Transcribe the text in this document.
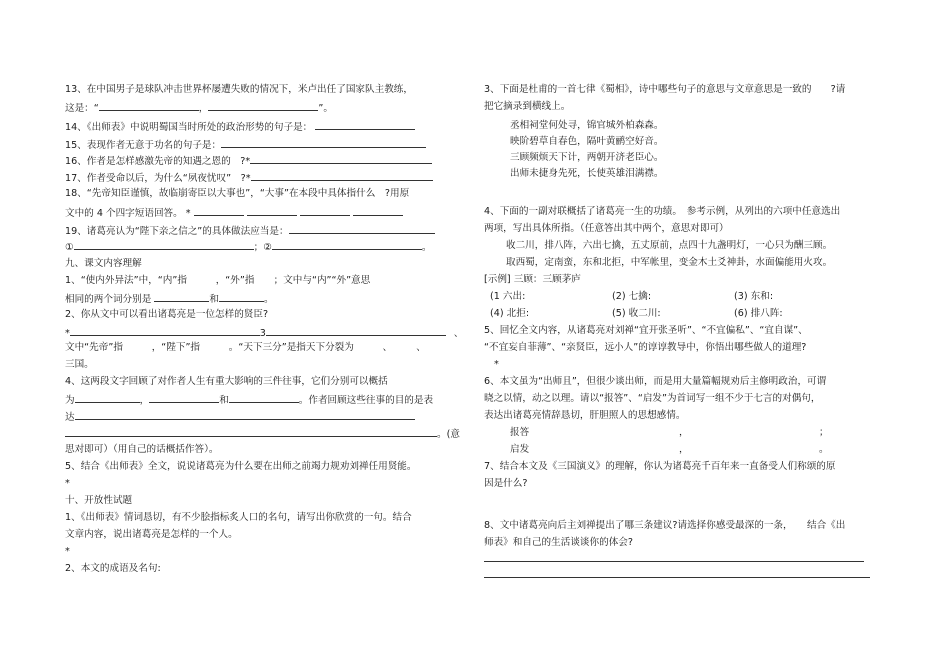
13、在中国男子是球队冲击世界杯屡遭失败的情况下，米卢出任了国家队主教练，
这是：“	，	”。
14、《出师表》中说明蜀国当时所处的政治形势的句子是：
15、表现作者无意于功名的句子是：
16、作者是怎样感激先帝的知遇之恩的　?*
17、作者受命以后，为什么“夙夜忧叹”　?*
18、“先帝知臣谨慎，故临崩寄臣以大事也”，“大事”在本段中具体指什么　?用原
文中的 4 个四字短语回答。 *
19、诸葛亮认为“陛下亲之信之”的具体做法应当是：
①	；②	。
九、课文内容理解
1、“使内外异法”中，“内”指　　　，“外”指　　；文中与“内”“外”意思
相同的两个词分别是	和	。
2、你从文中可以看出诸葛亮是一位怎样的贤臣?
*	3	、
文中“先帝”指　　　，“陛下”指　　　。“天下三分”是指天下分裂为　　　、　　　、
三国。
4、这两段文字回顾了对作者人生有重大影响的三件往事，它们分别可以概括
为	，	和	。作者回顾这些往事的目的是表
达
。(意
思对即可）（用自己的话概括作答）。
5、结合《出师表》全文，说说诸葛亮为什么要在出师之前竭力规劝刘禅任用贤能。
*
十、开放性试题
1、《出师表》情词恳切，有不少脍指标炙人口的名句，请写出你欣赏的一句。结合
文章内容，说出诸葛亮是怎样的一个人。
*
2、本文的成语及名句:
3、下面是杜甫的一首七律《蜀相》，诗中哪些句子的意思与文章意思是一致的　　?请
把它摘录到横线上。
丞相祠堂何处寻，锦官城外柏森森。
映阶碧草自春色，隔叶黄鹂空好音。
三顾频烦天下计，两朝开济老臣心。
出师未捷身先死，长使英雄泪满襟。
4、下面的一副对联概括了诸葛亮一生的功绩。　参考示例，从列出的六项中任意选出
两项，写出具体所指。（任意答出其中两个，意思对即可）
收二川，排八阵，六出七擒，五丈原前，点四十九盏明灯，一心只为酬三顾。
取西蜀，定南蛮，东和北拒，中军帐里，变金木土爻神卦，水面偏能用火攻。
[示例] 三顾：三顾茅庐
(1 六出:	(2) 七擒:	(3) 东和:
(4) 北拒:	(5) 收二川:	(6) 排八阵:
5、回忆全文内容，从诸葛亮对刘禅“宜开张圣听”、“不宜偏私”、“宜自谋”、
“不宜妄自菲薄”、“亲贤臣，远小人”的谆谆教导中，你悟出哪些做人的道理?
*
6、本文虽为“出师且”，但很少谈出师，而是用大量篇幅规劝后主修明政治，可谓
晓之以情，动之以理。请以“报答”、“启发”为首词写一组不少于七言的对偶句，
表达出诸葛亮情辞恳切，肝胆照人的思想感情。
报答	，	；
启发	，	。
7、结合本文及《三国演义》的理解，你认为诸葛亮千百年来一直备受人们称颂的原
因是什么?
8、文中诸葛亮向后主刘禅提出了哪三条建议?请选择你感受最深的一条，　　结合《出
师表》和自己的生活谈谈你的体会?
